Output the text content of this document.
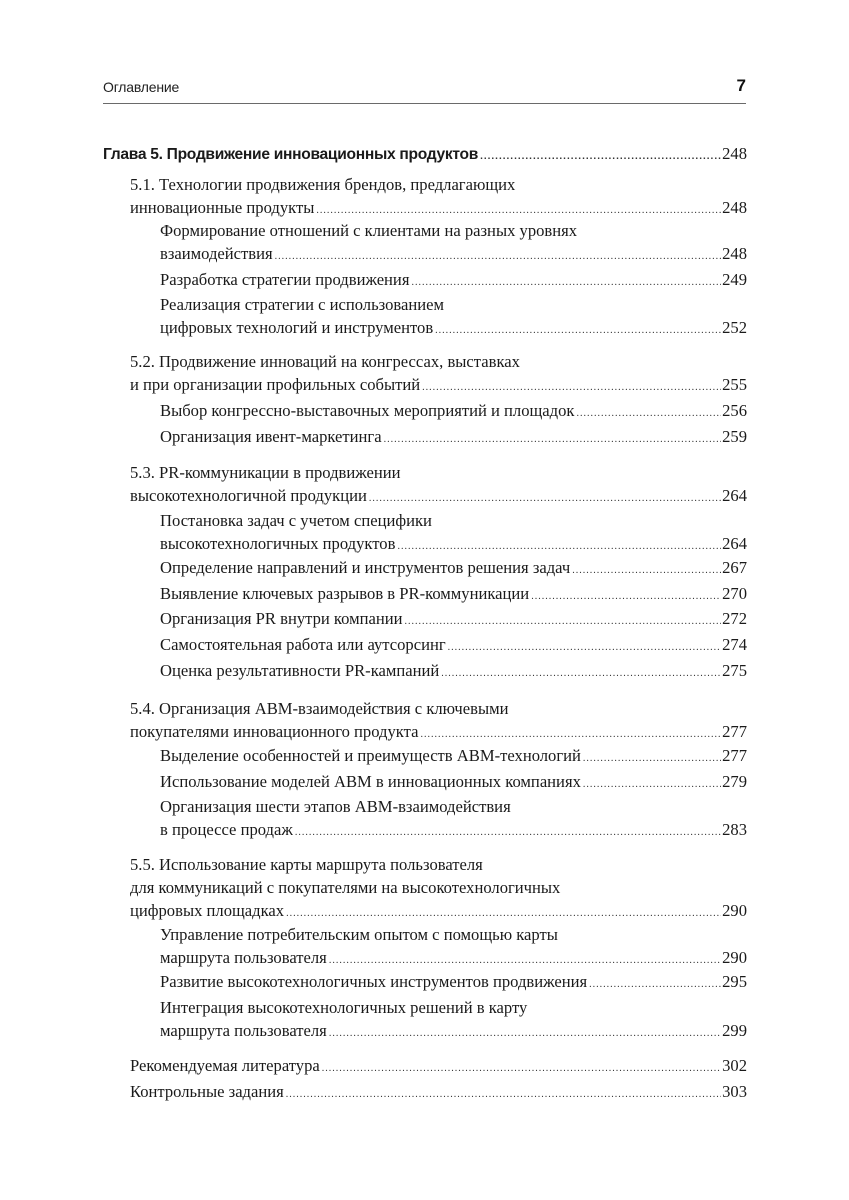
Оглавление	7
Глава 5. Продвижение инновационных продуктов .....	248
5.1. Технологии продвижения брендов, предлагающих
инновационные продукты .....	248
Формирование отношений с клиентами на разных уровнях
взаимодействия .....	248
Разработка стратегии продвижения .....	249
Реализация стратегии с использованием
цифровых технологий и инструментов .....	252
5.2. Продвижение инноваций на конгрессах, выставках
и при организации профильных событий .....	255
Выбор конгрессно-выставочных мероприятий и площадок .....	256
Организация ивент-маркетинга .....	259
5.3. PR-коммуникации в продвижении
высокотехнологичной продукции .....	264
Постановка задач с учетом специфики
высокотехнологичных продуктов .....	264
Определение направлений и инструментов решения задач .....	267
Выявление ключевых разрывов в PR-коммуникации .....	270
Организация PR внутри компании .....	272
Самостоятельная работа или аутсорсинг .....	274
Оценка результативности PR-кампаний .....	275
5.4. Организация ABM-взаимодействия с ключевыми
покупателями инновационного продукта .....	277
Выделение особенностей и преимуществ ABM-технологий .....	277
Использование моделей ABM в инновационных компаниях .....	279
Организация шести этапов ABM-взаимодействия
в процессе продаж .....	283
5.5. Использование карты маршрута пользователя
для коммуникаций с покупателями на высокотехнологичных
цифровых площадках .....	290
Управление потребительским опытом с помощью карты
маршрута пользователя .....	290
Развитие высокотехнологичных инструментов продвижения .....	295
Интеграция высокотехнологичных решений в карту
маршрута пользователя .....	299
Рекомендуемая литература .....	302
Контрольные задания .....	303
